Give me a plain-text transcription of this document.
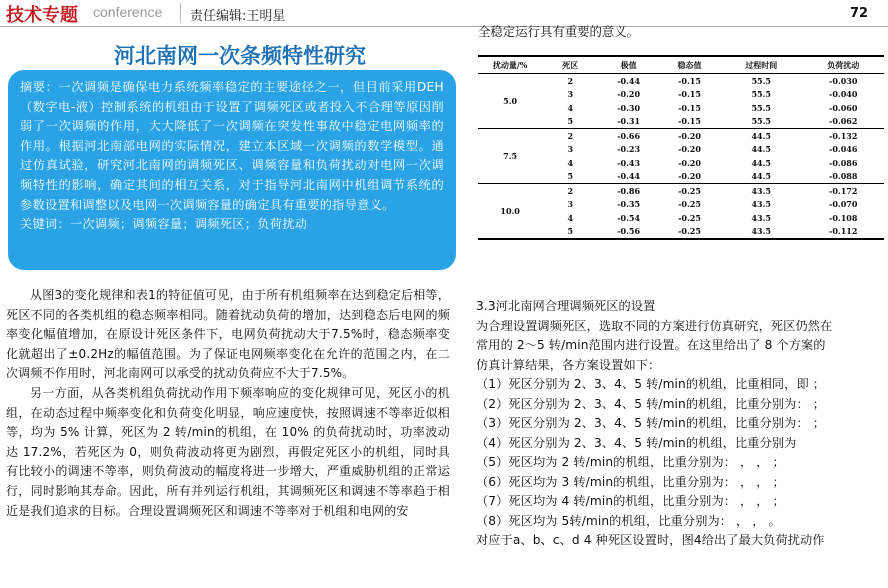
技术专题 conference 责任编辑:王明星	72
河北南网一次条频特性研究

摘要：一次调频是确保电力系统频率稳定的主要途径之一，但目前采用DEH（数字电-液）控制系统的机组由于设置了调频死区或者投入不合理等原因削弱了一次调频的作用，大大降低了一次调频在突发性事故中稳定电网频率的作用。根据河北南部电网的实际情况，建立本区域一次调频的数学模型。通过仿真试验，研究河北南网的调频死区、调频容量和负荷扰动对电网一次调频特性的影响，确定其间的相互关系，对于指导河北南网中机组调节系统的参数设置和调整以及电网一次调频容量的确定具有重要的指导意义。

关键词：一次调频；调频容量；调频死区；负荷扰动

从图3的变化规律和表1的特征值可见，由于所有机组频率在达到稳定后相等，死区不同的各类机组的稳态频率相同。随着扰动负荷的增加，达到稳态后电网的频率变化幅值增加，在原设计死区条件下，电网负荷扰动大于7.5%时，稳态频率变化就超出了±0.2Hz的幅值范围。为了保证电网频率变化在允许的范围之内，在二次调频不作用时，河北南网可以承受的扰动负荷应不大于7.5%。

另一方面，从各类机组负荷扰动作用下频率响应的变化规律可见，死区小的机组，在动态过程中频率变化和负荷变化明显，响应速度快，按照调速不等率近似相等，均为 5% 计算，死区为 2 转/min的机组，在 10% 的负荷扰动时，功率波动达 17.2%，若死区为 0，则负荷波动将更为剧烈，再假定死区小的机组，同时具有比较小的调速不等率，则负荷波动的幅度将进一步增大，严重威胁机组的正常运行，同时影响其寿命。因此，所有并列运行机组，其调频死区和调速不等率趋于相近是我们追求的目标。合理设置调频死区和调速不等率对于机组和电网的安

全稳定运行具有重要的意义。
扰动量/%	死区	极值	稳态值	过程时间	负荷扰动
5.0	2	-0.44	-0.15	55.5	-0.030
	3	-0.20	-0.15	55.5	-0.040
	4	-0.30	-0.15	55.5	-0.060
	5	-0.31	-0.15	55.5	-0.062
7.5	2	-0.66	-0.20	44.5	-0.132
	3	-0.23	-0.20	44.5	-0.046
	4	-0.43	-0.20	44.5	-0.086
	5	-0.44	-0.20	44.5	-0.088
10.0	2	-0.86	-0.25	43.5	-0.172
	3	-0.35	-0.25	43.5	-0.070
	4	-0.54	-0.25	43.5	-0.108
	5	-0.56	-0.25	43.5	-0.112
3.3河北南网合理调频死区的设置
为合理设置调频死区，选取不同的方案进行仿真研究，死区仍然在
常用的 2～5 转/min范围内进行设置。在这里给出了 8 个方案的
仿真计算结果，各方案设置如下：
（1）死区分别为 2、3、4、5 转/min的机组，比重相同，即 ；
（2）死区分别为 2、3、4、5 转/min的机组，比重分别为： ；
（3）死区分别为 2、3、4、5 转/min的机组，比重分别为： ；
（4）死区分别为 2、3、4、5 转/min的机组，比重分别为
（5）死区均为 2 转/min的机组，比重分别为： ， ， ；
（6）死区均为 3 转/min的机组，比重分别为： ， ， ；
（7）死区均为 4 转/min的机组，比重分别为： ， ， ；
（8）死区均为 5转/min的机组，比重分别为： ， ， 。
对应于a、b、c、d 4 种死区设置时，图4给出了最大负荷扰动作
